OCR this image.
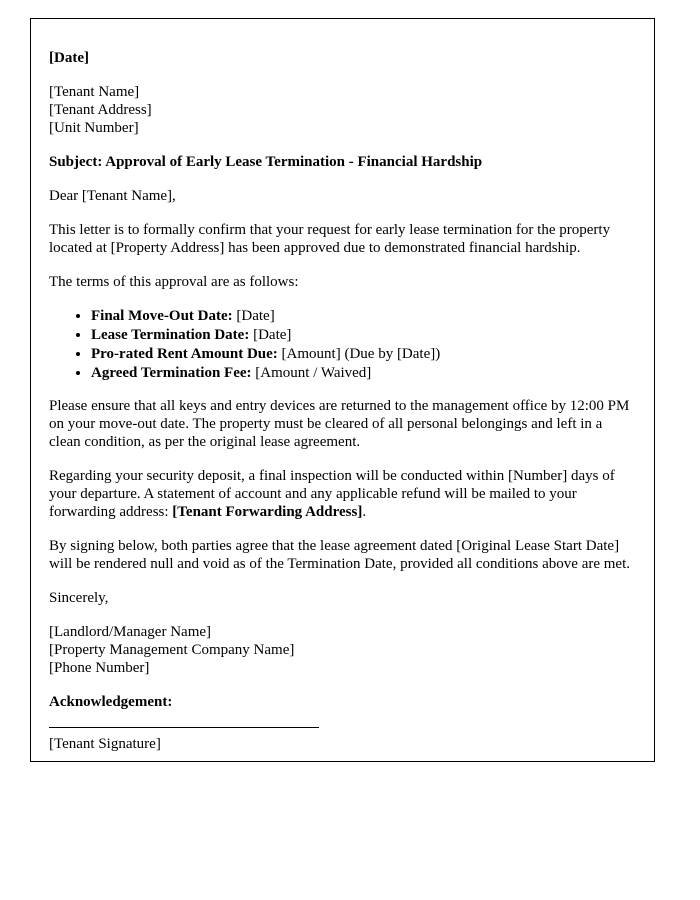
[Date]

[Tenant Name]
[Tenant Address]
[Unit Number]

Subject: Approval of Early Lease Termination - Financial Hardship

Dear [Tenant Name],

This letter is to formally confirm that your request for early lease termination for the property located at [Property Address] has been approved due to demonstrated financial hardship.

The terms of this approval are as follows:

• Final Move-Out Date: [Date]
• Lease Termination Date: [Date]
• Pro-rated Rent Amount Due: [Amount] (Due by [Date])
• Agreed Termination Fee: [Amount / Waived]

Please ensure that all keys and entry devices are returned to the management office by 12:00 PM on your move-out date. The property must be cleared of all personal belongings and left in a clean condition, as per the original lease agreement.

Regarding your security deposit, a final inspection will be conducted within [Number] days of your departure. A statement of account and any applicable refund will be mailed to your forwarding address: [Tenant Forwarding Address].

By signing below, both parties agree that the lease agreement dated [Original Lease Start Date] will be rendered null and void as of the Termination Date, provided all conditions above are met.

Sincerely,

[Landlord/Manager Name]
[Property Management Company Name]
[Phone Number]

Acknowledgement:

[Tenant Signature]
